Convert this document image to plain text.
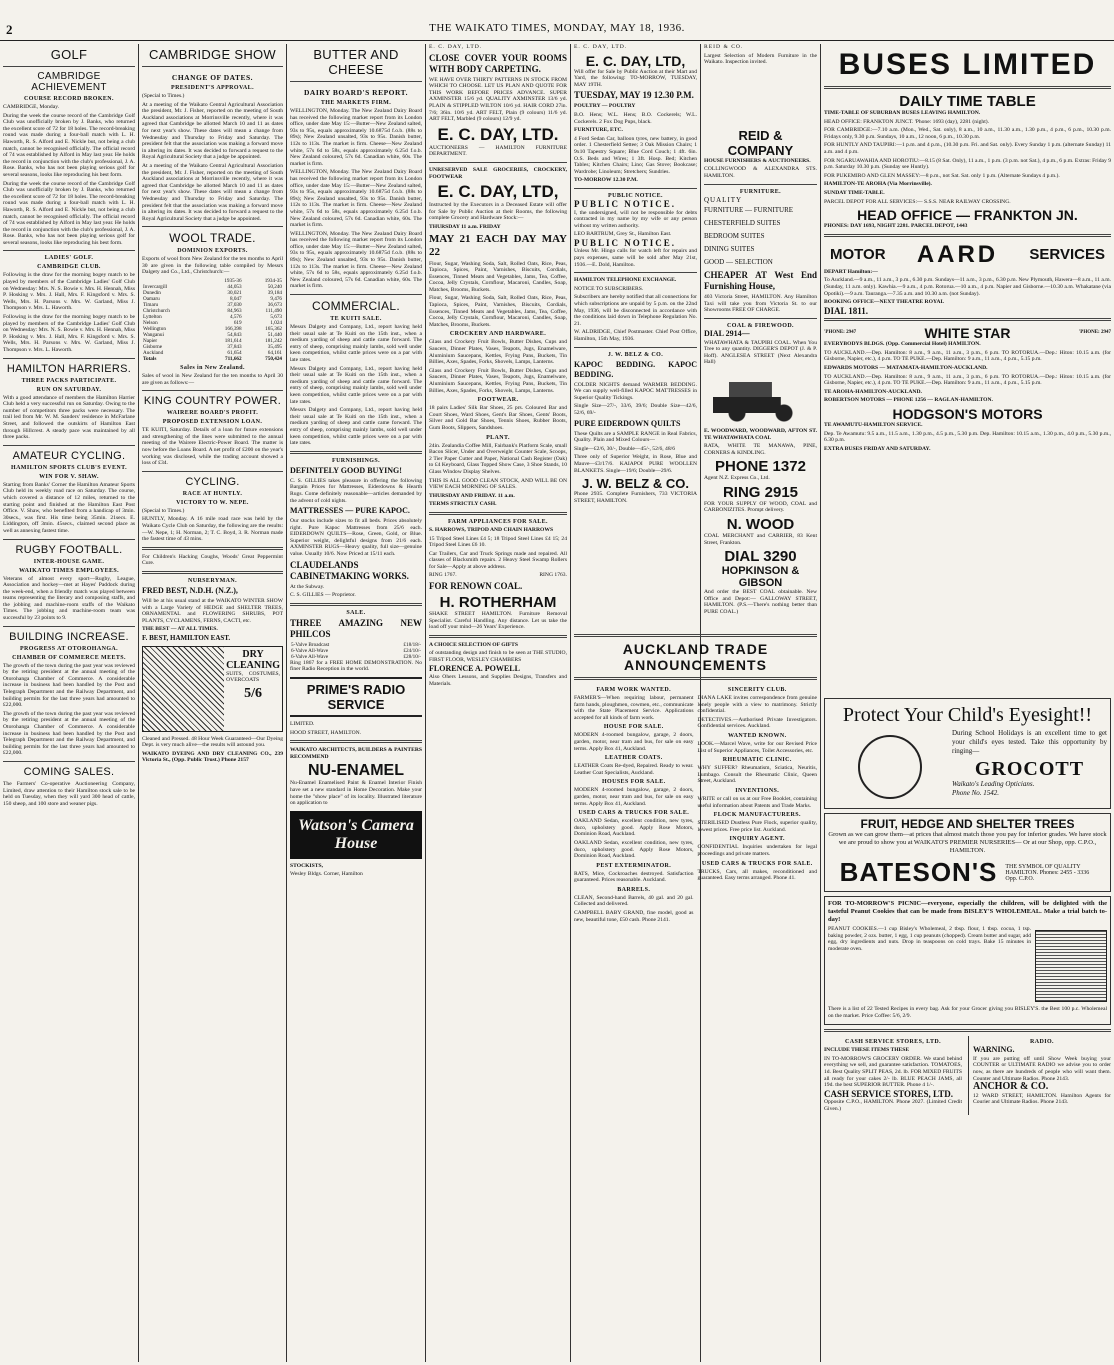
2	THE WAIKATO TIMES, MONDAY, MAY 18, 1936.
GOLF
CAMBRIDGE ACHIEVEMENT
COURSE RECORD BROKEN.

CAMBRIDGE, Monday.

During the week the course record of the Cambridge Golf Club was unofficially broken by J. Banks, who returned the excellent score of 72 for 18 holes. The record-breaking round was made during a four-ball match with L. H. Haworth, R. S. Alford and E. Nickle but, not being a club match, cannot be recognised officially. The official record of 74 was established by Alford in May last year. He holds the record in conjunction with the club's professional, J. A. Rose. Banks, who has not been playing serious golf for several seasons, looks like reproducing his best form.

During the week the course record of the Cambridge Golf Club was unofficially broken by J. Banks, who returned the excellent score of 72 for 18 holes. The record-breaking round was made during a four-ball match with L. H. Haworth, R. S. Alford and E. Nickle but, not being a club match, cannot be recognised officially. The official record of 74 was established by Alford in May last year. He holds the record in conjunction with the club's professional, J. A. Rose. Banks, who has not been playing serious golf for several seasons, looks like reproducing his best form.

LADIES' GOLF.
CAMBRIDGE CLUB.

Following is the draw for the morning bogey match to be played by members of the Cambridge Ladies' Golf Club on Wednesday: Mrs. N. S. Bowie v. Mrs. H. Hennah, Miss P. Hosking v. Mrs. J. Hall, Mrs. F. Kingsford v. Mrs. S. Wells, Mrs. H. Parsons v. Mrs. W. Garland, Miss J. Thompson v. Mrs. L. Haworth.

Following is the draw for the morning bogey match to be played by members of the Cambridge Ladies' Golf Club on Wednesday: Mrs. N. S. Bowie v. Mrs. H. Hennah, Miss P. Hosking v. Mrs. J. Hall, Mrs. F. Kingsford v. Mrs. S. Wells, Mrs. H. Parsons v. Mrs. W. Garland, Miss J. Thompson v. Mrs. L. Haworth.

HAMILTON HARRIERS.
THREE PACKS PARTICIPATE.
RUN ON SATURDAY.

With a good attendance of members the Hamilton Harrier Club held a very successful run on Saturday. Owing to the number of competitors three packs were necessary. The trail led from Mr. W. M. Sanders' residence in McFarlane Street, and followed the outskirts of Hamilton East through Hillcrest. A steady pace was maintained by all three packs.

AMATEUR CYCLING.
HAMILTON SPORTS CLUB'S EVENT.
WIN FOR V. SHAW.

Starting from Banks' Corner the Hamilton Amateur Sports Club held its weekly road race on Saturday. The course, which covered a distance of 12 miles, returned to the starting point and finished at the Hamilton East Post Office. V. Shaw, who benefited from a handicap of 3min. 30secs., was first. His time being 35min. 21secs. E. Liddington, off 3min. 45secs., claimed second place as well as annexing fastest time.

RUGBY FOOTBALL.
INTER-HOUSE GAME.
WAIKATO TIMES EMPLOYEES.

Veterans of almost every sport—Rugby, League, Association and hockey—met at Hayes' Paddock during the week-end, when a friendly match was played between teams representing the literary and composing staffs, and the jobbing and machine-room staffs of the Waikato Times. The jobbing and machine-room team was successful by 23 points to 9.

BUILDING INCREASE.
PROGRESS AT OTOROHANGA.
CHAMBER OF COMMERCE MEETS.

The growth of the town during the past year was reviewed by the retiring president at the annual meeting of the Otorohanga Chamber of Commerce. A considerable increase in business had been handled by the Post and Telegraph Department and the Railway Department, and building permits for the last three years had amounted to £22,000.

The growth of the town during the past year was reviewed by the retiring president at the annual meeting of the Otorohanga Chamber of Commerce. A considerable increase in business had been handled by the Post and Telegraph Department and the Railway Department, and building permits for the last three years had amounted to £22,000.

COMING SALES.

The Farmers' Co-operative Auctioneering Company, Limited, draw attention to their Hamilton stock sale to be held on Tuesday, when they will yard 300 head of cattle, 150 sheep, and 100 store and weaner pigs.

CAMBRIDGE SHOW
CHANGE OF DATES.
PRESIDENT'S APPROVAL.

(Special to Times.)

At a meeting of the Waikato Central Agricultural Association the president, Mr. J. Fisher, reported on the meeting of South Auckland associations at Morrinsville recently, where it was agreed that Cambridge be allotted March 10 and 11 as dates for next year's show. These dates will mean a change from Wednesday and Thursday to Friday and Saturday. The president felt that the association was making a forward move in altering its dates. It was decided to forward a request to the Royal Agricultural Society that a judge be appointed.

At a meeting of the Waikato Central Agricultural Association the president, Mr. J. Fisher, reported on the meeting of South Auckland associations at Morrinsville recently, where it was agreed that Cambridge be allotted March 10 and 11 as dates for next year's show. These dates will mean a change from Wednesday and Thursday to Friday and Saturday. The president felt that the association was making a forward move in altering its dates. It was decided to forward a request to the Royal Agricultural Society that a judge be appointed.

WOOL TRADE.
DOMINION EXPORTS.

Exports of wool from New Zealand for the ten months to April 30 are given in the following table compiled by Messrs Dalgety and Co., Ltd., Christchurch:—

	1935-36	1934-35
Invercargill	44,053	50,240
Dunedin	30,021	39,184
Oamaru	8,047	9,476
Timaru	37,030	36,673
Christchurch	84,963	111,490
Lyttelton	4,576	5,673
Nelson	619	1,024
Wellington	166,398	165,362
Wanganui	54,843	51,440
Napier	181,614	181,242
Gisborne	37,843	35,495
Auckland	61,654	64,161
Totals	711,662	750,424
Sales in New Zealand.

Sales of wool in New Zealand for the ten months to April 30 are given as follows:—

KING COUNTRY POWER.
WAIRERE BOARD'S PROFIT.
PROPOSED EXTENSION LOAN.

TE KUITI, Saturday. Details of a loan for future extensions and strengthening of the lines were submitted to the annual meeting of the Wairere Electric-Power Board. The matter is now before the Loans Board. A net profit of £200 on the year's working was disclosed, while the trading account showed a loss of £34.

CYCLING.
RACE AT HUNTLY.
VICTORY TO W. NEPE.

(Special to Times.)

HUNTLY, Monday. A 16 mile road race was held by the Waikato Cycle Club on Saturday, the following are the results:—W. Nepe, 1; H. Norman, 2; T. C. Boyd, 3. R. Norman made the fastest time of 43 mins.

For Children's Hacking Coughs, Woods' Great Peppermint Cure.

NURSERYMAN.

FRED BEST, N.D.H. (N.Z.),

Will be at his usual stand at the WAIKATO WINTER SHOW with a Large Variety of HEDGE and SHELTER TREES, ORNAMENTAL and FLOWERING SHRUBS, POT PLANTS, CYCLAMENS, FERNS, CACTI, etc.

THE BEST — AT ALL TIMES.

F. BEST, HAMILTON EAST.

DRY CLEANING

SUITS, COSTUMES, OVERCOATS

5/6

Cleaned and Pressed. 48 Hour Week Guaranteed—Our Dyeing Dept. is very much alive—the results will astound you.

WAIKATO DYEING AND DRY CLEANING CO., 239 Victoria St., (Opp. Public Trust.) Phone 2157

BUTTER AND CHEESE
DAIRY BOARD'S REPORT.
THE MARKETS FIRM.

WELLINGTON, Monday. The New Zealand Dairy Board has received the following market report from its London office, under date May 15:—Butter—New Zealand salted, 93s to 95s, equals approximately 10.6875d f.o.b. (88s to 89s); New Zealand unsalted, 93s to 95s. Danish butter, 112s to 113s. The market is firm. Cheese—New Zealand white, 57s 6d to 58s, equals approximately 6.25d f.o.b. New Zealand coloured, 57s 6d. Canadian white, 60s. The market is firm.

WELLINGTON, Monday. The New Zealand Dairy Board has received the following market report from its London office, under date May 15:—Butter—New Zealand salted, 93s to 95s, equals approximately 10.6875d f.o.b. (88s to 89s); New Zealand unsalted, 93s to 95s. Danish butter, 112s to 113s. The market is firm. Cheese—New Zealand white, 57s 6d to 58s, equals approximately 6.25d f.o.b. New Zealand coloured, 57s 6d. Canadian white, 60s. The market is firm.

WELLINGTON, Monday. The New Zealand Dairy Board has received the following market report from its London office, under date May 15:—Butter—New Zealand salted, 93s to 95s, equals approximately 10.6875d f.o.b. (88s to 89s); New Zealand unsalted, 93s to 95s. Danish butter, 112s to 113s. The market is firm. Cheese—New Zealand white, 57s 6d to 58s, equals approximately 6.25d f.o.b. New Zealand coloured, 57s 6d. Canadian white, 60s. The market is firm.

COMMERCIAL.
TE KUITI SALE.

Messrs Dalgety and Company, Ltd., report having held their usual sale at Te Kuiti on the 15th inst., when a medium yarding of sheep and cattle came forward. The entry of sheep, comprising mainly lambs, sold well under keen competition, whilst cattle prices were on a par with late rates.

Messrs Dalgety and Company, Ltd., report having held their usual sale at Te Kuiti on the 15th inst., when a medium yarding of sheep and cattle came forward. The entry of sheep, comprising mainly lambs, sold well under keen competition, whilst cattle prices were on a par with late rates.

Messrs Dalgety and Company, Ltd., report having held their usual sale at Te Kuiti on the 15th inst., when a medium yarding of sheep and cattle came forward. The entry of sheep, comprising mainly lambs, sold well under keen competition, whilst cattle prices were on a par with late rates.

FURNISHINGS.

DEFINITELY GOOD BUYING!

C. S. GILLIES takes pleasure in offering the following Bargain Prices for Mattresses, Eiderdowns & Hearth Rugs. Come definitely reasonable—articles demanded by the advent of cold nights.

MATTRESSES — PURE KAPOC.

Our stocks include sizes to fit all beds. Prices absolutely right. Pure Kapoc Mattresses from 25/6 each. EIDERDOWN QUILTS—Rose, Green, Gold, or Blue. Superior weight, delightful designs from 21/6 each. AXMINSTER RUGS—Heavy quality, full size—genuine value. Usually 10/6. Now Priced at 15/11 each.

CLAUDELANDS CABINETMAKING WORKS.

At the Subway.

C. S. GILLIES — Proprietor.

SALE.

THREE AMAZING NEW PHILCOS

5-Valve Broadcast	£18/18/-
6-Valve All-Wave	£24/10/-
6-Valve All-Wave	£28/10/-

Ring 1867 for a FREE HOME DEMONSTRATION. No finer Radio Reception in the world.

PRIME'S RADIO SERVICE

LIMITED.

HOOD STREET, HAMILTON.

WAIKATO ARCHITECTS, BUILDERS & PAINTERS RECOMMEND

NU-ENAMEL

Nu-Enamel Enamelised Paint & Enamel Interior Finish have set a new standard in Home Decoration. Make your home the "show place" of its locality. Illustrated literature on application to

Watson's Camera House

STOCKISTS,

Wesley Bldgs. Corner, Hamilton

E. C. DAY, LTD.

CLOSE COVER YOUR ROOMS WITH BODY CARPETING.

WE HAVE OVER THIRTY PATTERNS IN STOCK FROM WHICH TO CHOOSE. LET US PLAN AND QUOTE FOR THIS WORK BEFORE PRICES ADVANCE. SUPER AXMINSTER 15/6 yd. QUALITY AXMINSTER 13/6 yd. PLAIN & STIPPLED WILTON 10/6 yd. HAIR CORD 27in. 7/6; 36in. 10/6 yd. ART FELT, Plain (9 colours) 11/6 yd. ART FELT, Marbled (9 colours) 12/9 yd.

E. C. DAY, LTD.

AUCTIONEERS — HAMILTON FURNITURE DEPARTMENT.

UNRESERVED SALE GROCERIES, CROCKERY, FOOTWEAR

E. C. DAY, LTD,

Instructed by the Executors in a Deceased Estate will offer for Sale by Public Auction at their Rooms, the following complete Grocery and Hardware Stock:—

THURSDAY 11 a.m. FRIDAY

MAY 21 EACH DAY MAY 22

Flour, Sugar, Washing Soda, Salt, Rolled Oats, Rice, Peas, Tapioca, Spices, Paint, Varnishes, Biscuits, Cordials, Essences, Tinned Meats and Vegetables, Jams, Tea, Coffee, Cocoa, Jelly Crystals, Cornflour, Macaroni, Candles, Soap, Matches, Brooms, Buckets.

Flour, Sugar, Washing Soda, Salt, Rolled Oats, Rice, Peas, Tapioca, Spices, Paint, Varnishes, Biscuits, Cordials, Essences, Tinned Meats and Vegetables, Jams, Tea, Coffee, Cocoa, Jelly Crystals, Cornflour, Macaroni, Candles, Soap, Matches, Brooms, Buckets.

CROCKERY AND HARDWARE.

Glass and Crockery Fruit Bowls, Butter Dishes, Cups and Saucers, Dinner Plates, Vases, Teapots, Jugs, Enamelware, Aluminium Saucepans, Kettles, Frying Pans, Buckets, Tin Billies, Axes, Spades, Forks, Shovels, Lamps, Lanterns.

Glass and Crockery Fruit Bowls, Butter Dishes, Cups and Saucers, Dinner Plates, Vases, Teapots, Jugs, Enamelware, Aluminium Saucepans, Kettles, Frying Pans, Buckets, Tin Billies, Axes, Spades, Forks, Shovels, Lamps, Lanterns.

FOOTWEAR.

18 pairs Ladies' Silk Bar Shoes, 25 prs. Coloured Bar and Court Shoes, Ward Shoes, Gent's Bar Shoes, Gents' Boots, Silver and Gold Bar Shoes, Tennis Shoes, Rubber Boots, Gum Boots, Slippers, Sandshoes.

PLANT.

24in. Zealandia Coffee Mill, Fairbank's Platform Scale, small Bacon Slicer, Under and Overweight Counter Scale, Scoops, 2 Tier Paper Cutter and Paper, National Cash Register (Oak) to £4 Keyboard, Glass Topped Show Case, 3 Shoe Stands, 10 Glass Window Display Shelves.

THIS IS ALL GOOD CLEAN STOCK, AND WILL BE ON VIEW EACH MORNING OF SALES.

THURSDAY AND FRIDAY. 11 a.m.

TERMS STRICTLY CASH.

FARM APPLIANCES FOR SALE.

S. HARROWS, TRIPOD AND CHAIN HARROWS

15 Tripod Steel Lines £4 5; 18 Tripod Steel Lines £4 15; 24 Tripod Steel Lines £6 10.

Car Trailers, Car and Truck Springs made and repaired. All classes of Blacksmith repairs. 2 Heavy Steel Swamp Rollers for Sale—Apply at above address.

RING 1767.	RING 1763.

FOR RENOWN COAL.

H. ROTHERHAM

SHAKE STREET HAMILTON. Furniture Removal Specialist. Careful Handling. Any distance. Let us take the load off your mind—26 Years' Experience.

A CHOICE SELECTION OF GIFTS

of outstanding design and finish to be seen at THE STUDIO, FIRST FLOOR, WESLEY CHAMBERS

FLORENCE A. POWELL

Also Ohers Lessons, and Supplies Designs, Transfers and Materials.

E. C. DAY, LTD.

E. C. DAY, LTD,

Will offer for Sale by Public Auction at their Mart and Yard, the following: TO-MORROW, TUESDAY, MAY 19TH.

TUESDAY, MAY 19 12.30 P.M.

POULTRY — POULTRY

B.O. Hens; W.L. Hens; B.O. Cockerels; W.L. Cockerels. 2 Fox Dog Pups, black.

FURNITURE, ETC.

4 Ford Sedan Car, balloon tyres, new battery, in good order. 1 Chesterfield Settee; 3 Oak Mission Chairs; 1 9x10 Tapestry Square; Blue Cord Couch; 1 4ft. 6in. O.S. Beds and Wires; 1 3ft. Hosp. Bed; Kitchen Tables; Kitchen Chairs; Lino; Gas Stove; Bookcase; Wardrobe; Linoleum; Stretchers; Sundries.

TO-MORROW 12.30 P.M.

PUBLIC NOTICE.

PUBLIC NOTICE.

I, the undersigned, will not be responsible for debts contracted in my name by my wife or any person without my written authority.

LEO BARTRUM, Grey St., Hamilton East.

PUBLIC NOTICE.

Unless Mr. Hingo calls for watch left for repairs and pays expenses, same will be sold after May 21st, 1936.—E. Dold, Hamilton.

HAMILTON TELEPHONE EXCHANGE.

NOTICE TO SUBSCRIBERS.

Subscribers are hereby notified that all connections for which subscriptions are unpaid by 5 p.m. on the 22nd May, 1936, will be disconnected in accordance with the conditions laid down in Telephone Regulation No. 21.

W. ALDRIDGE, Chief Postmaster. Chief Post Office, Hamilton, 15th May, 1936.

J. W. BELZ & CO.

KAPOC BEDDING. KAPOC BEDDING.

COLDER NIGHTS demand WARMER BEDDING. We can supply well-filled KAPOC MATTRESSES in Superior Quality Tickings.

Single Size—27/-, 33/6, 39/6; Double Size—42/6, 52/6, 69/-

PURE EIDERDOWN QUILTS

These Quilts are a SAMPLE RANGE in Real Fabrics, Quality. Plain and Mixed Colours—

Single—£2/6, 30/-, Double—45/-, 52/6, 48/6

Three only of Superior Weight, in Rose, Blue and Mauve—£3/17/6. KAIAPOI PURE WOOLLEN BLANKETS. Single—19/6; Double—29/6.

J. W. BELZ & CO.

Phone 2935. Complete Furnishers, 733 VICTORIA STREET, HAMILTON.

REID & CO.

Largest Selection of Modern Furniture in the Waikato. Inspection invited.

REID & COMPANY

HOUSE FURNISHERS & AUCTIONEERS.

COLLINGWOOD & ALEXANDRA STS. HAMILTON.

FURNITURE.

QUALITY

FURNITURE — FURNITURE

CHESTERFIELD SUITES

BEDROOM SUITES

DINING SUITES

GOOD — SELECTION

CHEAPER AT West End Furnishing House,

403 Victoria Street, HAMILTON. Any Hamilton Taxi will take you from Victoria St. to our Showrooms FREE OF CHARGE.

COAL & FIREWOOD.

DIAL 2914—

WHATAWHATA & TAUPIRI COAL. When You Tree to any quantity. DIGGER'S DEPOT (J. & P. Hoff). ANGLESEA STREET (Next Alexandra Hall)

E. WOODWARD, WOODWARD, AFTON ST. TE WHATAWHATA COAL

RATA, WHITE TE MANAWA, PINE, CORNERS & KINDLING.

PHONE 1372

Agent N.Z. Express Co., Ltd.

RING 2915

FOR YOUR SUPPLY OF WOOD, COAL and CARBONIZITES. Prompt delivery.

N. WOOD

COAL MERCHANT and CARRIER, 83 Kent Street, Frankton.

DIAL 3290
HOPKINSON & GIBSON

And order the BEST COAL obtainable. New Office and Depot:— GALLOWAY STREET, HAMILTON. (P.S.—There's nothing better than PURE COAL.)

AUCKLAND TRADE ANNOUNCEMENTS
FARM WORK WANTED.

FARMER'S—When requiring labour, permanent farm hands, ploughmen, cowmen, etc., communicate with the State Placement Service. Applications accepted for all kinds of farm work.

HOUSE FOR SALE.

MODERN 4-roomed bungalow, garage, 2 doors, garden, motor, near tram and bus, for sale on easy terms. Apply Box 41, Auckland.

LEATHER COATS.

LEATHER Coats Re-dyed, Repaired. Ready to wear. Leather Coat Specialists, Auckland.

HOUSES FOR SALE.

MODERN 4-roomed bungalow, garage, 2 doors, garden, motor, near tram and bus, for sale on easy terms. Apply Box 41, Auckland.

USED CARS & TRUCKS FOR SALE.

OAKLAND Sedan, excellent condition, new tyres, duco, upholstery good. Apply Rose Motors, Dominion Road, Auckland.

OAKLAND Sedan, excellent condition, new tyres, duco, upholstery good. Apply Rose Motors, Dominion Road, Auckland.

PEST EXTERMINATOR.

RATS, Mice, Cockroaches destroyed. Satisfaction guaranteed. Prices reasonable. Auckland.

BARRELS.

CLEAN, Second-hand Barrels, 40 gal. and 20 gal. Collected and delivered.

CAMPBELL BABY GRAND, fine model, good as new, beautiful tone, £50 cash. Phone 2141.

SINCERITY CLUB.

DIANA LAKE invites correspondence from genuine lonely people with a view to matrimony. Strictly confidential.

DETECTIVES.—Authorised Private Investigators. Confidential services. Auckland.

WANTED KNOWN.

LOOK.—Marcel Wave, write for our Revised Price List of Superior Appliances, Toilet Accessories, etc.

RHEUMATIC CLINIC.

WHY SUFFER? Rheumatism, Sciatica, Neuritis, Lumbago. Consult the Rheumatic Clinic, Queen Street, Auckland.

INVENTIONS.

WRITE or call on us at our Free Booklet, containing useful information about Patents and Trade Marks.

FLOCK MANUFACTURERS.

STERILISED Dustless Pure Flock, superior quality, lowest prices. Free price list. Auckland.

INQUIRY AGENT.

CONFIDENTIAL Inquiries undertaken for legal proceedings and private matters.

USED CARS & TRUCKS FOR SALE.

TRUCKS, Cars, all makes, reconditioned and guaranteed. Easy terms arranged. Phone 41.

BUSES LIMITED
DAILY TIME TABLE

TIME-TABLE OF SUBURBAN BUSES LEAVING HAMILTON.

HEAD OFFICE: FRANKTON JUNCT. 'Phone: 1693 (day), 2281 (night).

FOR CAMBRIDGE:—7.10 a.m. (Mon., Wed., Sat. only), 8 a.m., 10 a.m., 11.30 a.m., 1.30 p.m., 4 p.m., 6 p.m., 10.30 p.m. Fridays only, 9.30 p.m. Sundays, 10 a.m., 12 noon, 6 p.m., 10.30 p.m.

FOR HUNTLY AND TAUPIRI:—1 p.m. and 4 p.m., (10.30 p.m. Fri. and Sat. only). Every Sunday 1 p.m. (alternate Sunday) 11 a.m. and 4 p.m.

FOR NGARUAWAHIA AND HOROTIU:—8.15 (8 Sat. Only), 11 a.m., 1 p.m. (3 p.m. not Sat.), 4 p.m., 6 p.m. Extras: Friday 9 p.m. Saturday 10.30 p.m. (Sunday see Huntly).

FOR PUKEMIRO AND GLEN MASSEY:—8 p.m., not Sat. Sat. only 1 p.m. (Alternate Sundays 4 p.m.).

HAMILTON-TE AROHA (Via Morrinsville).

SUNDAY TIME-TABLE.

PARCEL DEPOT FOR ALL SERVICES:— S.S.S. NEAR RAILWAY CROSSING.

HEAD OFFICE — FRANKTON JN.

PHONES: DAY 1693, NIGHT 2281. PARCEL DEPOT, 1443

MOTOR AARD SERVICES

DEPART Hamilton:—

To Auckland.—9 a.m., 11 a.m., 3 p.m., 6.30 p.m. Sundays—11 a.m., 3 p.m., 6.30 p.m. New Plymouth, Hawera—8 a.m., 11 a.m. (Sunday, 11 a.m. only). Kawhia.—9 a.m., 4 p.m. Rotorua.—10 a.m., 4 p.m. Napier and Gisborne.—10.30 a.m. Whakatane (via Opotiki).—9 a.m. Tauranga.—7.35 a.m. and 10.30 a.m. (not Sunday).

BOOKING OFFICE—NEXT THEATRE ROYAL

DIAL 1811.

'PHONE: 2947	WHITE STAR	'PHONE: 2947

EVERYBODYS BLDGS. (Opp. Commercial Hotel) HAMILTON.

TO AUCKLAND.—Dep. Hamilton: 8 a.m., 9 a.m., 11 a.m., 3 p.m., 6 p.m. TO ROTORUA.—Dep.: Hiton: 10.15 a.m. (for Gisborne, Napier, etc.), 4 p.m. TO TE PUKE.—Dep. Hamilton: 9 a.m., 11 a.m., 4 p.m., 5.15 p.m.

EDWARDS MOTORS — MATAMATA-HAMILTON-AUCKLAND.

TO AUCKLAND.—Dep. Hamilton: 8 a.m., 9 a.m., 11 a.m., 3 p.m., 6 p.m. TO ROTORUA.—Dep.: Hiton: 10.15 a.m. (for Gisborne, Napier, etc.), 4 p.m. TO TE PUKE.—Dep. Hamilton: 9 a.m., 11 a.m., 4 p.m., 5.15 p.m.

TE AROHA-HAMILTON-AUCKLAND.

ROBERTSON MOTORS — PHONE 1256 — RAGLAN-HAMILTON.

HODGSON'S MOTORS

TE AWAMUTU-HAMILTON SERVICE.

Dep. Te Awamutu: 9.5 a.m., 11.5 a.m., 1.30 p.m., 4.5 p.m., 5.30 p.m. Dep. Hamilton: 10.15 a.m., 1.30 p.m., 4.0 p.m., 5.30 p.m., 6.30 p.m.

EXTRA BUSES FRIDAY AND SATURDAY.

Protect Your Child's Eyesight!!

During School Holidays is an excellent time to get your child's eyes tested. Take this opportunity by ringing—

GROCOTT

Waikato's Leading Opticians.

Phone No. 1542.

FRUIT, HEDGE AND SHELTER TREES

Grown as we can grow them—at prices that almost match those you pay for inferior grades. We have stock we are proud to show you at WAIKATO'S PREMIER NURSERIES— Or at our Shop, opp. C.P.O., HAMILTON.

BATESON'S THE SYMBOL OF QUALITY HAMILTON. Phones: 2455 - 3336 Opp. C.P.O.

FOR TO-MORROW'S PICNIC—everyone, especially the children, will be delighted with the tasteful Peanut Cookies that can be made from BISLEY'S WHOLEMEAL. Make a trial batch to-day!

PEANUT COOKIES.—1 cup Bisley's Wholemeal, 2 tbsp. flour, 1 tbsp. cocoa, 1 tsp. baking powder, 2 ozs. butter, 1 egg, 1 cup peanuts (chopped). Cream butter and sugar, add egg, dry ingredients and nuts. Drop in teaspoons on cold trays. Bake 15 minutes in moderate oven.

There is a list of 22 Tested Recipes in every bag. Ask for your Grocer giving you BISLEY'S. the Best 100 p.c. Wholemeal on the market. Price Coffee: 5/6, 2/9.

CASH SERVICE STORES, LTD.

INCLUDE THESE ITEMS THESE

IN TO-MORROW'S GROCERY ORDER. We stand behind everything we sell, and guarantee satisfaction. TOMATOES, 1d. Best Quality SPLIT PEAS, 2d. lb. FOR MIXED FRUITS all ready for your cakes 2/- lb. BLUE PEACH JAMS, all 19d. the best SUPERIOR BUTTER. Phone 4 1/-.

CASH SERVICE STORES, LTD.

Opposite C.P.O., HAMILTON. Phone 2027. (Limited Credit Given.)

RADIO.

WARNING.

If you are putting off until Show Week buying your COUNTER or ULTIMATE RADIO we advise you to order now, as there are hundreds of people who will want them. Counter and Ultimate Radios. Phone 2143.

ANCHOR & CO.

12 WARD STREET, HAMILTON. Hamilton Agents for Courier and Ultimate Radios. Phone 2143.
